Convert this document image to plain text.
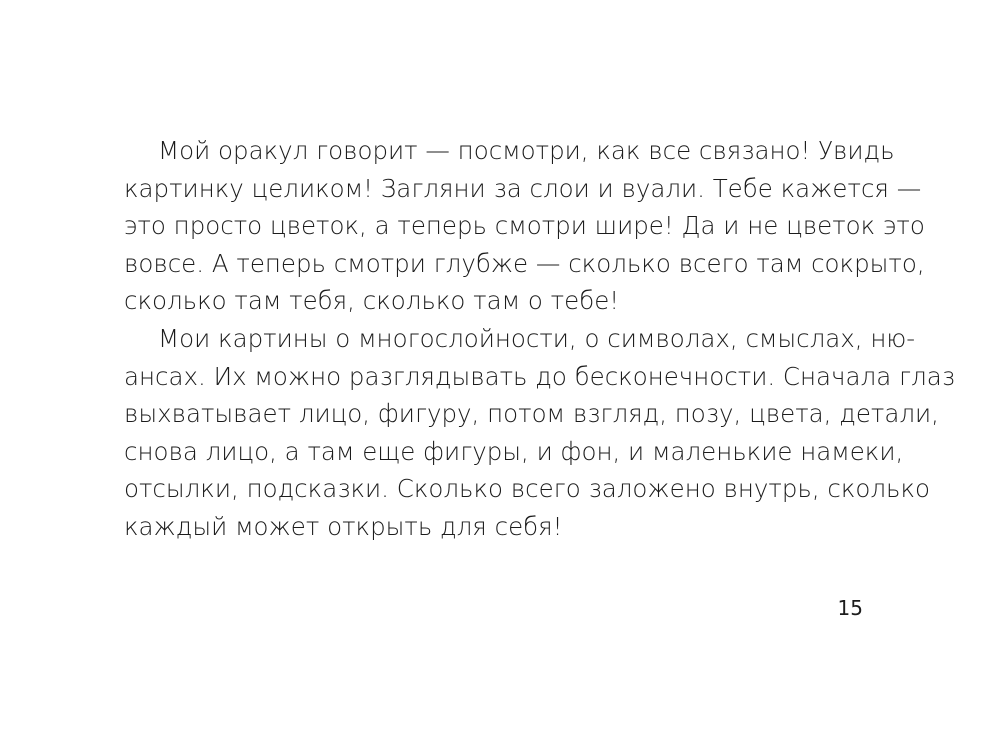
Мой оракул говорит — посмотри, как все связано! Увидь
картинку целиком! Загляни за слои и вуали. Тебе кажется —
это просто цветок, а теперь смотри шире! Да и не цветок это
вовсе. А теперь смотри глубже — сколько всего там сокрыто,
сколько там тебя, сколько там о тебе!
Мои картины о многослойности, о символах, смыслах, ню-
ансах. Их можно разглядывать до бесконечности. Сначала глаз
выхватывает лицо, фигуру, потом взгляд, позу, цвета, детали,
снова лицо, а там еще фигуры, и фон, и маленькие намеки,
отсылки, подсказки. Сколько всего заложено внутрь, сколько
каждый может открыть для себя!
15
